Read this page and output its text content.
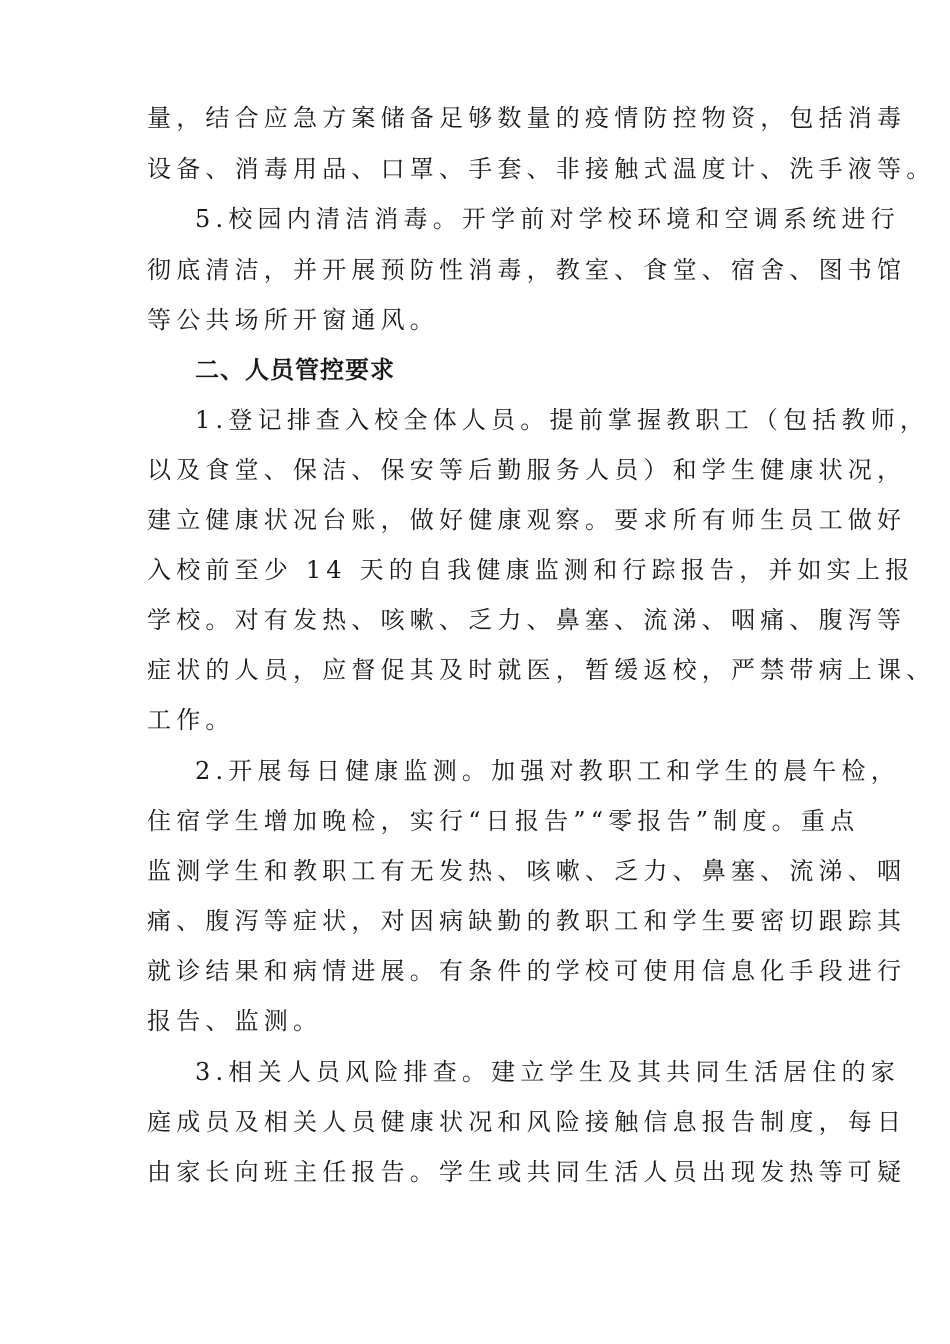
量，结合应急方案储备足够数量的疫情防控物资，包括消毒
设备、消毒用品、口罩、手套、非接触式温度计、洗手液等。
5.校园内清洁消毒。开学前对学校环境和空调系统进行
彻底清洁，并开展预防性消毒，教室、食堂、宿舍、图书馆
等公共场所开窗通风。
二、人员管控要求
1.登记排查入校全体人员。提前掌握教职工（包括教师，
以及食堂、保洁、保安等后勤服务人员）和学生健康状况，
建立健康状况台账，做好健康观察。要求所有师生员工做好
入校前至少 14 天的自我健康监测和行踪报告，并如实上报
学校。对有发热、咳嗽、乏力、鼻塞、流涕、咽痛、腹泻等
症状的人员，应督促其及时就医，暂缓返校，严禁带病上课、
工作。
2.开展每日健康监测。加强对教职工和学生的晨午检，
住宿学生增加晚检，实行“日报告”“零报告”制度。重点
监测学生和教职工有无发热、咳嗽、乏力、鼻塞、流涕、咽
痛、腹泻等症状，对因病缺勤的教职工和学生要密切跟踪其
就诊结果和病情进展。有条件的学校可使用信息化手段进行
报告、监测。
3.相关人员风险排查。建立学生及其共同生活居住的家
庭成员及相关人员健康状况和风险接触信息报告制度，每日
由家长向班主任报告。学生或共同生活人员出现发热等可疑
